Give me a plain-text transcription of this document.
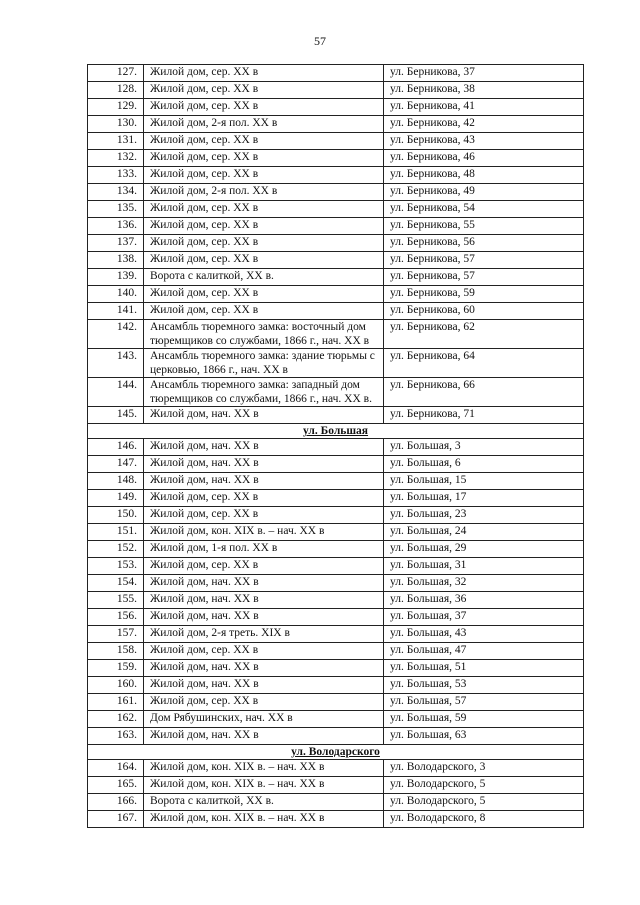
57
127.	Жилой дом, сер. XX в	ул. Берникова, 37
128.	Жилой дом, сер. XX в	ул. Берникова, 38
129.	Жилой дом, сер. XX в	ул. Берникова, 41
130.	Жилой дом, 2-я пол. XX в	ул. Берникова, 42
131.	Жилой дом, сер. XX в	ул. Берникова, 43
132.	Жилой дом, сер. XX в	ул. Берникова, 46
133.	Жилой дом, сер. XX в	ул. Берникова, 48
134.	Жилой дом, 2-я пол. XX в	ул. Берникова, 49
135.	Жилой дом, сер. XX в	ул. Берникова, 54
136.	Жилой дом, сер. XX в	ул. Берникова, 55
137.	Жилой дом, сер. XX в	ул. Берникова, 56
138.	Жилой дом, сер. XX в	ул. Берникова, 57
139.	Ворота с калиткой, XX в.	ул. Берникова, 57
140.	Жилой дом, сер. XX в	ул. Берникова, 59
141.	Жилой дом, сер. XX в	ул. Берникова, 60
142.	Ансамбль тюремного замка: восточный дом тюремщиков со службами, 1866 г., нач. XX в	ул. Берникова, 62
143.	Ансамбль тюремного замка: здание тюрьмы с церковью, 1866 г., нач. XX в	ул. Берникова, 64
144.	Ансамбль тюремного замка: западный дом тюремщиков со службами, 1866 г., нач. XX в.	ул. Берникова, 66
145.	Жилой дом, нач. XX в	ул. Берникова, 71
ул. Большая		
146.	Жилой дом, нач. XX в	ул. Большая, 3
147.	Жилой дом, нач. XX в	ул. Большая, 6
148.	Жилой дом, нач. XX в	ул. Большая, 15
149.	Жилой дом, сер. XX в	ул. Большая, 17
150.	Жилой дом, сер. XX в	ул. Большая, 23
151.	Жилой дом, кон. XIX в. – нач. XX в	ул. Большая, 24
152.	Жилой дом, 1-я пол. XX в	ул. Большая, 29
153.	Жилой дом, сер. XX в	ул. Большая, 31
154.	Жилой дом, нач. XX в	ул. Большая, 32
155.	Жилой дом, нач. XX в	ул. Большая, 36
156.	Жилой дом, нач. XX в	ул. Большая, 37
157.	Жилой дом, 2-я треть. XIX в	ул. Большая, 43
158.	Жилой дом, сер. XX в	ул. Большая, 47
159.	Жилой дом, нач. XX в	ул. Большая, 51
160.	Жилой дом, нач. XX в	ул. Большая, 53
161.	Жилой дом, сер. XX в	ул. Большая, 57
162.	Дом Рябушинских, нач. XX в	ул. Большая, 59
163.	Жилой дом, нач. XX в	ул. Большая, 63
ул. Володарского		
164.	Жилой дом, кон. XIX в. – нач. XX в	ул. Володарского, 3
165.	Жилой дом, кон. XIX в. – нач. XX в	ул. Володарского, 5
166.	Ворота с калиткой, XX в.	ул. Володарского, 5
167.	Жилой дом, кон. XIX в. – нач. XX в	ул. Володарского, 8
